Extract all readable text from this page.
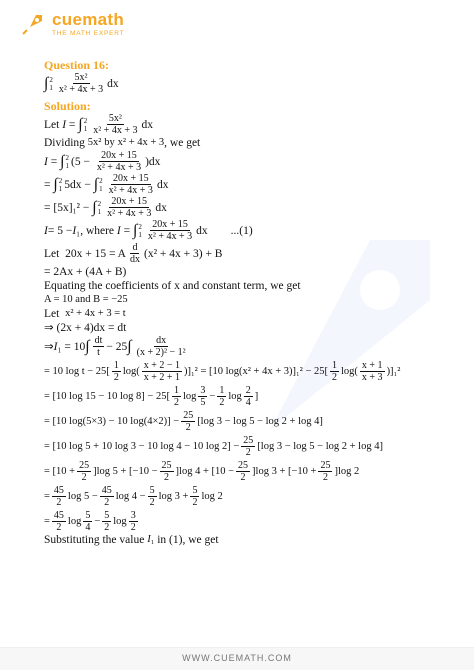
cuemath
THE MATH EXPERT
Question 16:
∫ 2
$1 \frac{\text{5x²}}{\text{x² + 4x + 3}}$ dx
Solution:
Let
I = ∫ 2
$1 \frac{\text{5x²}}{\text{x² + 4x + 3}}$ dx
Dividing
5x²
by
x² + 4x + 3 , we get
I = ∫ 2
1 $(5 - \frac{20x + 15}{\text{x² + 4x + 3}} )dx$
= ∫ 2
1 5dx − ∫ 2
$1 \frac{20x + 15}{\text{x² + 4x + 3}}$ dx
= [5x]₁² − ∫ 2
$1 \frac{20x + 15}{\text{x² + 4x + 3}}$ dx
I = 5 − I ₁ , where
I = ∫ 2
$1 \frac{20x + 15}{\text{x² + 4x + 3}}$ dx ...(1)
Let 20x + 15 = A $\frac{d}{dx} (x^2 + 4x + 3) + B$
= 2Ax + (4A + B)
Equating the coefficients of x and constant term, we get
A = 10 and B = −25
Let
x² + 4x + 3 = t
⇒ (2x + 4)dx = dt
⇒ I ₁ = 10 ∫ $\frac{dt}{t} - 25$ ∫ $\frac{dx}{\text{(x + 2)² − 1²}}$
= 10 $\log t - 25[ \frac{1}{2} \log( \frac{x + 2 - 1}{x + 2 + 1} )]_1^2 = [10$ $\log(x^2 + 4x + 3)]_1^2 - 25[ \frac{1}{2} \log( \frac{x + 1}{x + 3} )]_1^2$
= [10 log 15 − 10 $\log 8] - 25[ \frac{1}{2}$ $\log \frac{3}{5} - \frac{1}{2}$ $\log \frac{2}{4}$ ]
= [10 log(5×3) − 10 $\log(4\times 2)] - \frac{25}{2} [\log$ 3 − log 5 − log 2 + log 4]
= [10 log 5 + 10 log 3 − 10 log 4 − 10 $\log 2] - \frac{25}{2} [\log$ 3 − log 5 − log 2 + log 4]
= $[10 + \frac{25}{2} ]\log$ $5 + [-10 - \frac{25}{2} ]\log$ $4 + [10 - \frac{25}{2} ]\log$ $3 + [-10 + \frac{25}{2} ]\log$ 2
= $\frac{45}{2}$ $\log 5 - \frac{45}{2}$ $\log 4 - \frac{5}{2}$ $\log 3 + \frac{5}{2}$ log 2
= $\frac{45}{2}$ $\log \frac{5}{4} - \frac{5}{2}$ $\log \frac{3}{2}$
Substituting the value
I₁
in (1), we get
WWW.CUEMATH.COM
